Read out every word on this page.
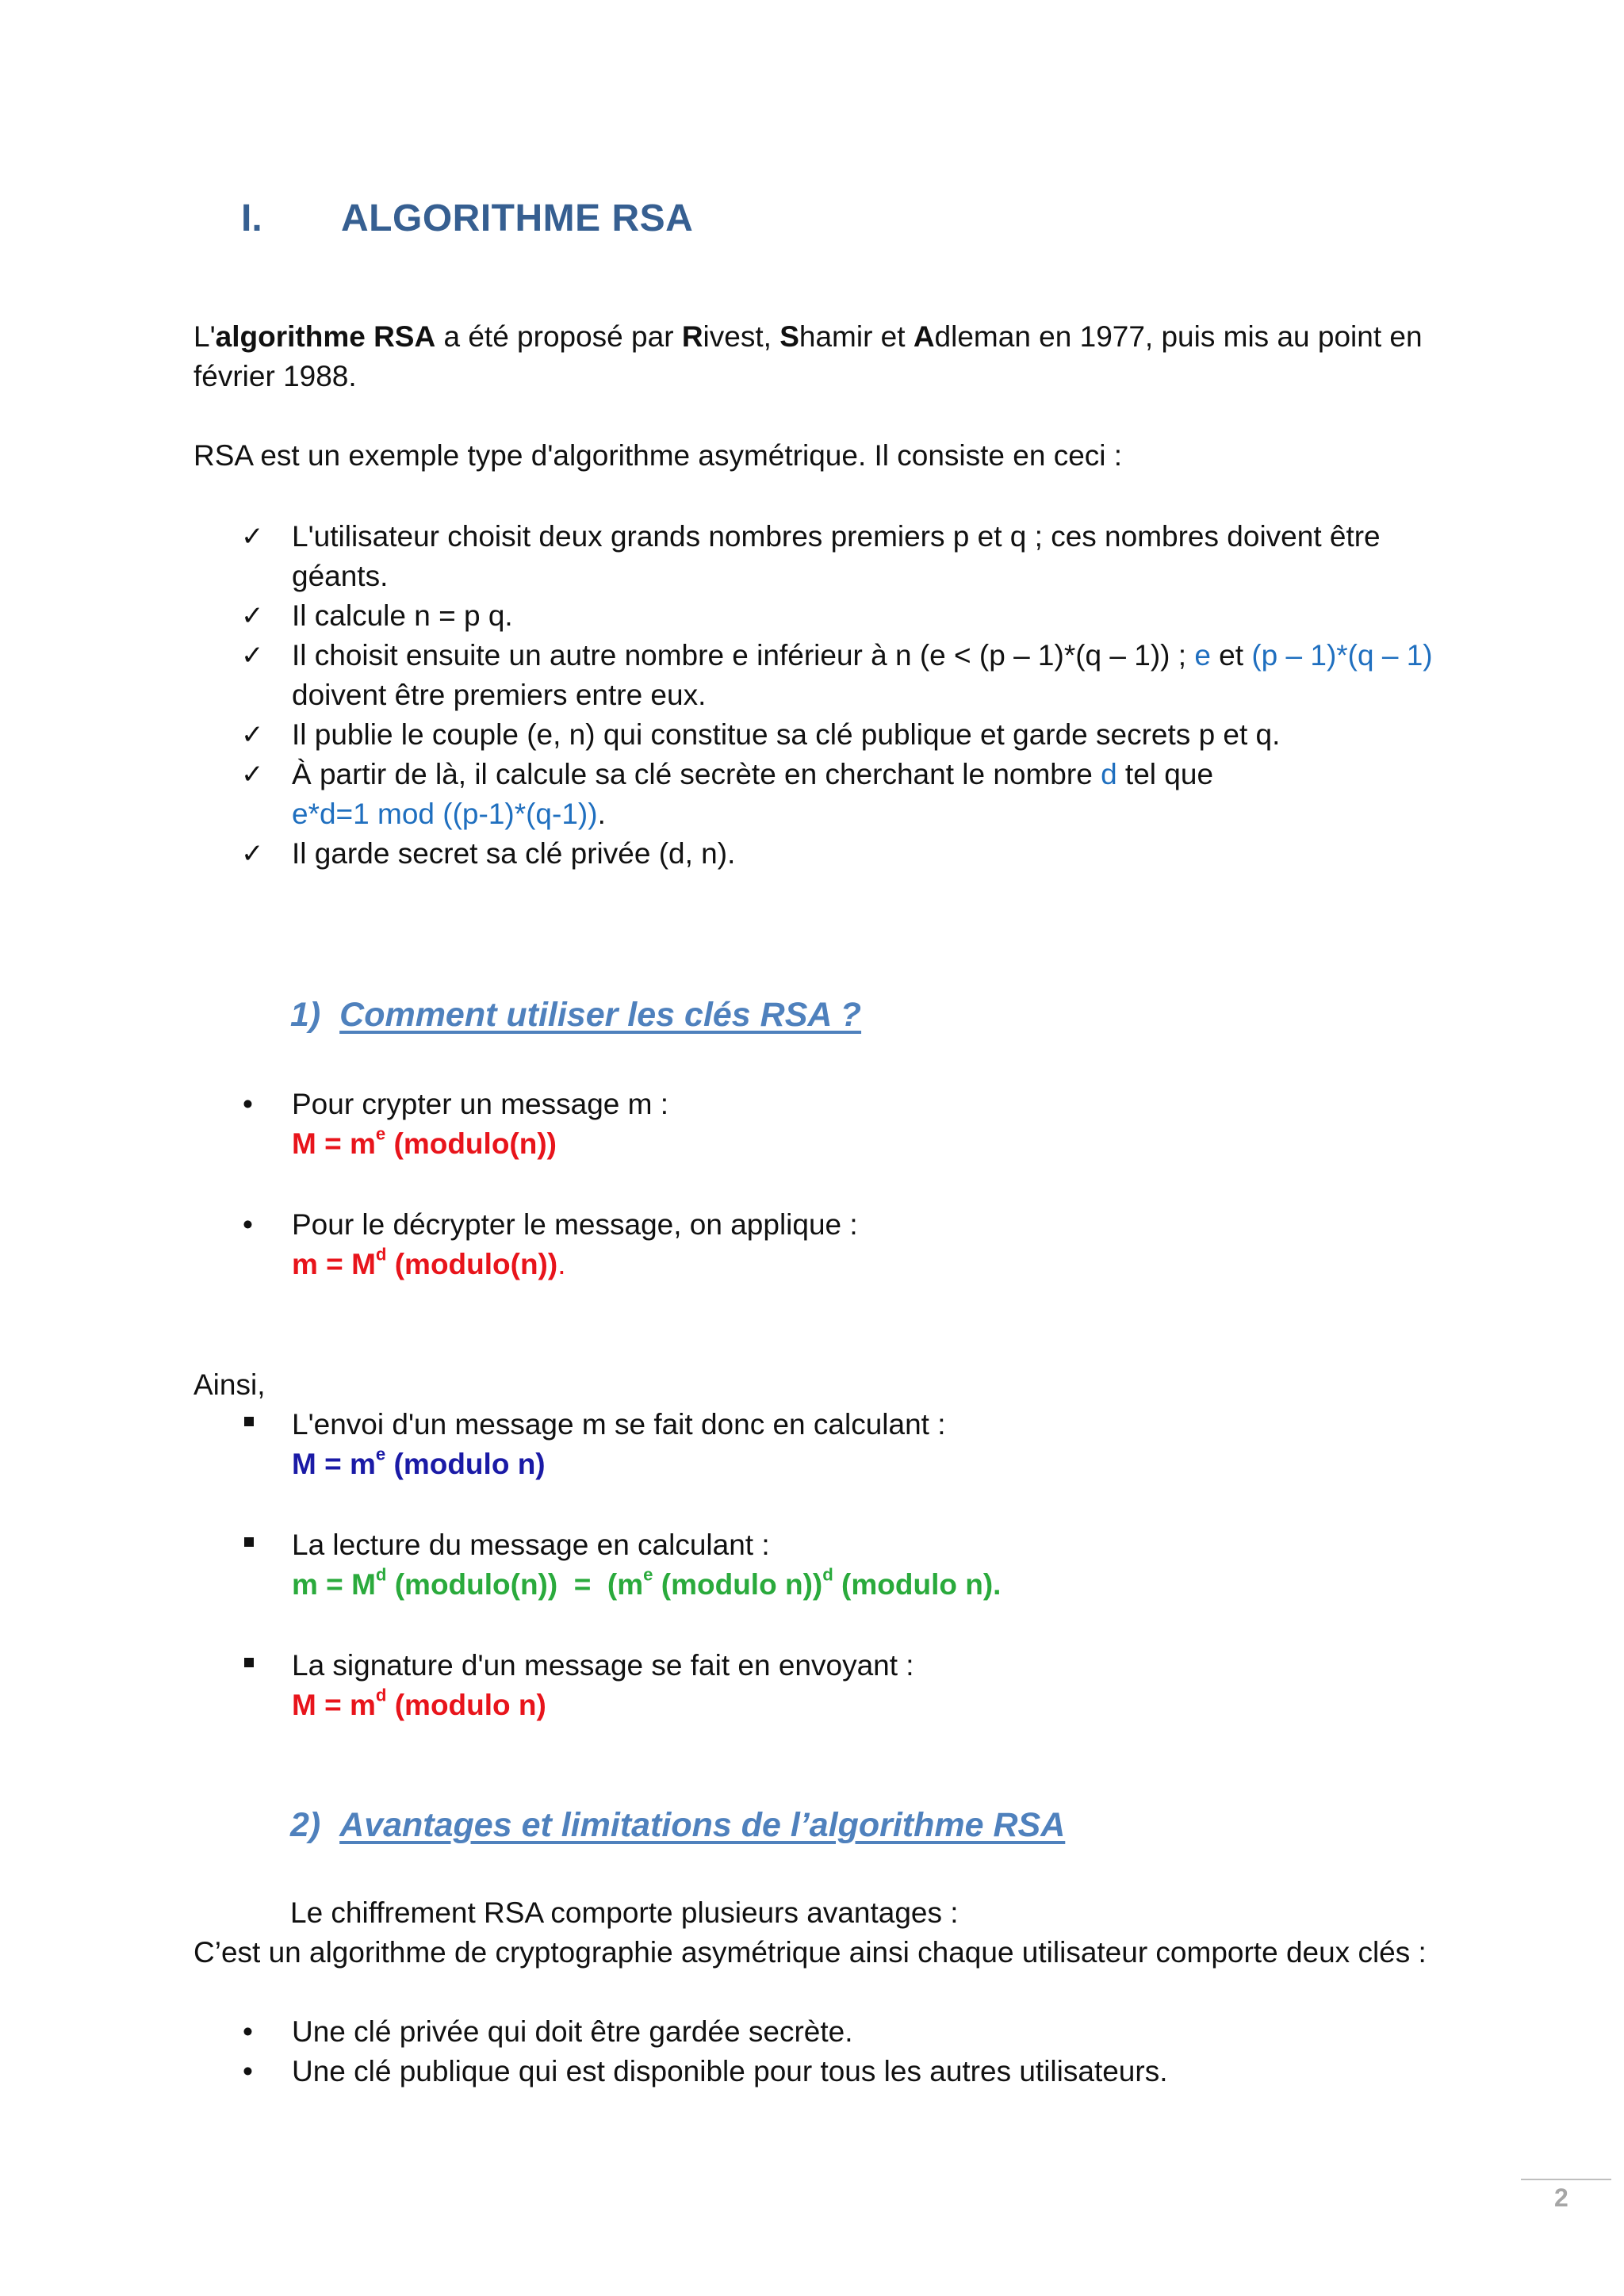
I. ALGORITHME RSA
L'algorithme RSA a été proposé par Rivest, Shamir et Adleman en 1977, puis mis au point en
février 1988.
RSA est un exemple type d'algorithme asymétrique. Il consiste en ceci :
✓ L'utilisateur choisit deux grands nombres premiers p et q ; ces nombres doivent être
géants.
✓ Il calcule n = p q.
✓ Il choisit ensuite un autre nombre e inférieur à n (e < (p – 1)*(q – 1)) ; e et (p – 1)*(q – 1)
doivent être premiers entre eux.
✓ Il publie le couple (e, n) qui constitue sa clé publique et garde secrets p et q.
✓ À partir de là, il calcule sa clé secrète en cherchant le nombre d tel que
e*d=1 mod ((p-1)*(q-1)).
✓ Il garde secret sa clé privée (d, n).
1) Comment utiliser les clés RSA ?
• Pour crypter un message m :
$M = m^e$ (modulo(n))
• Pour le décrypter le message, on applique :
$m = M^d$ (modulo(n)).
Ainsi,
L'envoi d'un message m se fait donc en calculant :
$M = m^e$ (modulo n)
La lecture du message en calculant :
$m = M^d$ (modulo(n))  =  ($m^e$ (modulo n))$^d$ (modulo n).
La signature d'un message se fait en envoyant :
$M = m^d$ (modulo n)
2) Avantages et limitations de l’algorithme RSA
Le chiffrement RSA comporte plusieurs avantages :
C’est un algorithme de cryptographie asymétrique ainsi chaque utilisateur comporte deux clés :
• Une clé privée qui doit être gardée secrète.
• Une clé publique qui est disponible pour tous les autres utilisateurs.
2
